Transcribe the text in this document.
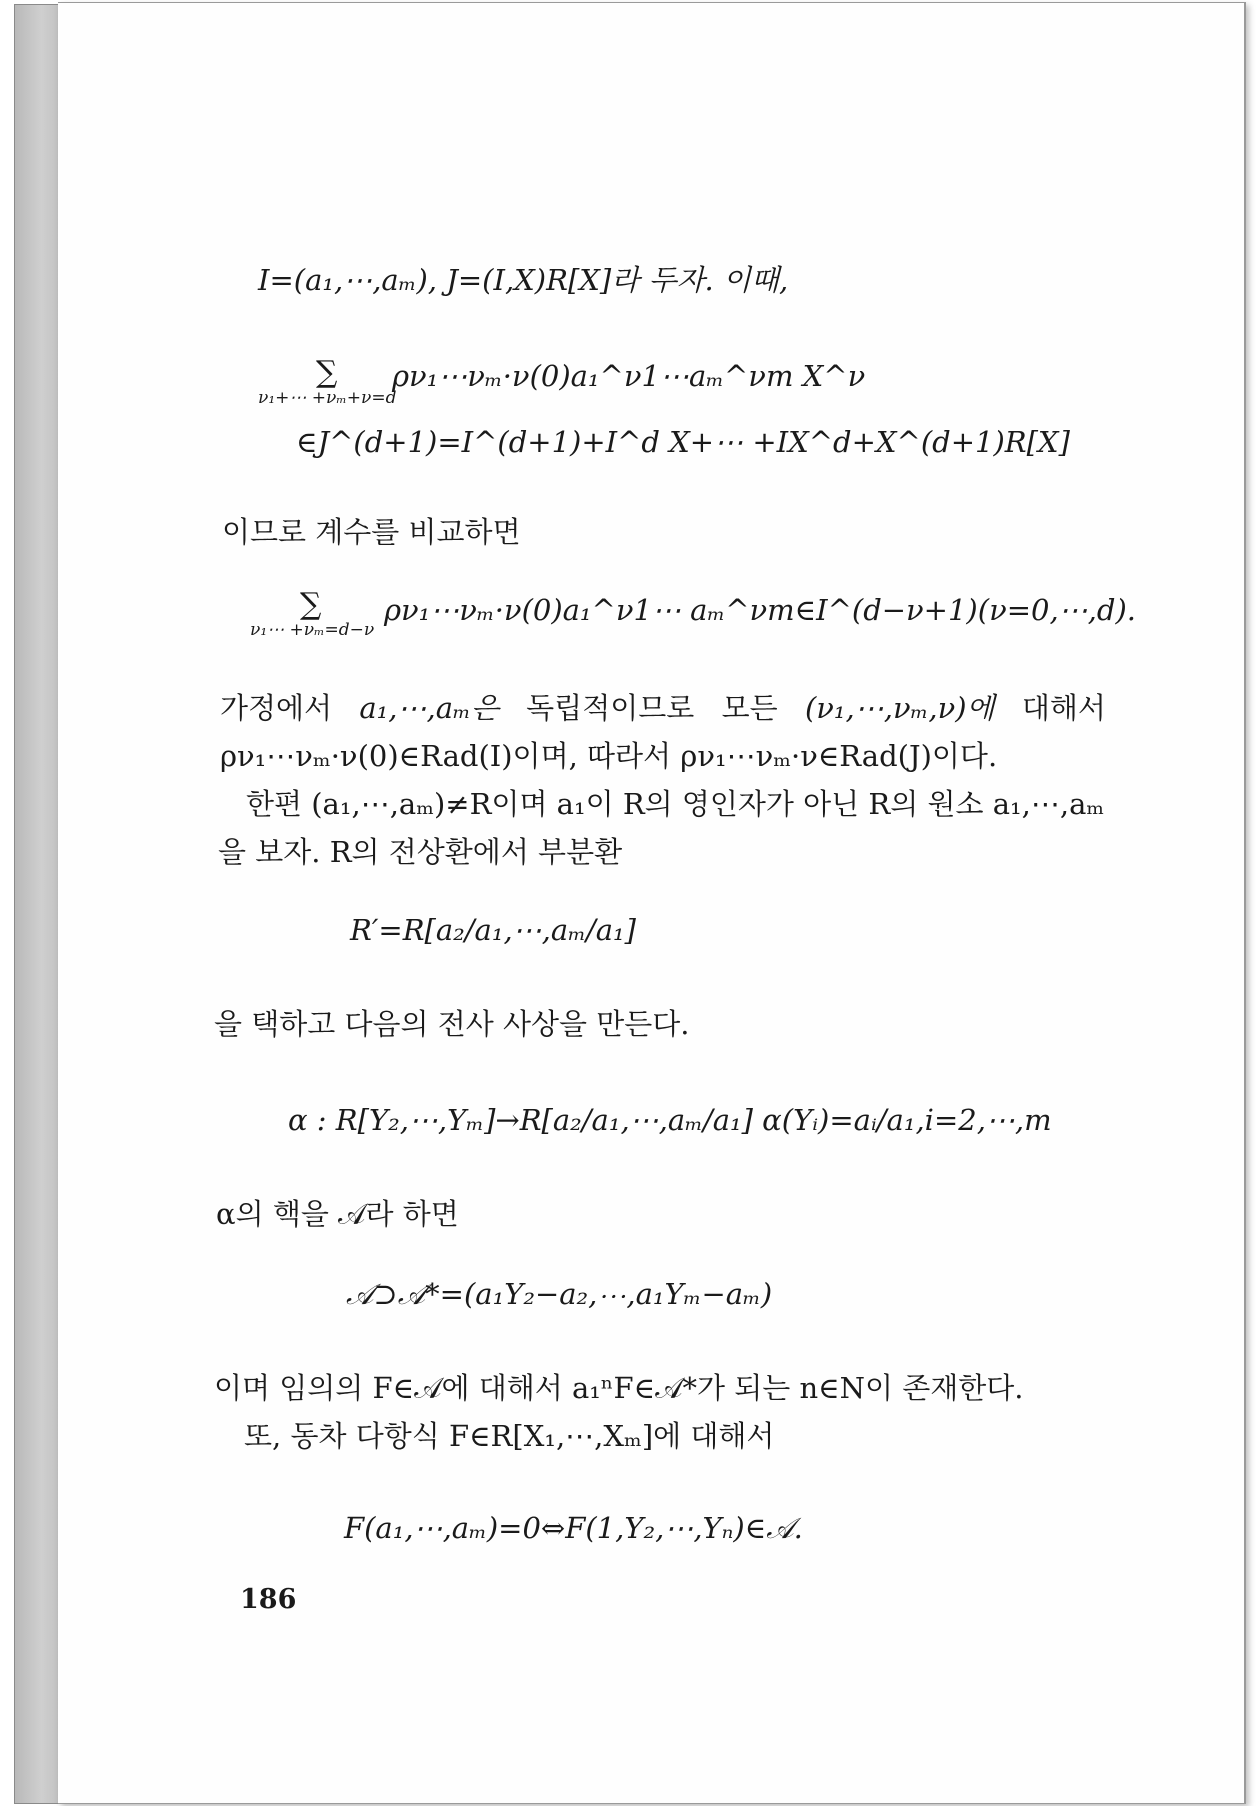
I=(a₁,⋯,aₘ), J=(I,X)R[X]라 두자. 이때,
∑ ρν₁⋯νₘ·ν(0)a₁^ν1⋯aₘ^νm X^ν
ν₁+⋯ +νₘ+ν=d
∈J^(d+1)=I^(d+1)+I^d X+⋯ +IX^d+X^(d+1)R[X]
이므로 계수를 비교하면
∑ ρν₁⋯νₘ·ν(0)a₁^ν1⋯ aₘ^νm∈I^(d−ν+1)(ν=0,⋯,d).
ν₁⋯ +νₘ=d−ν
가정에서 a₁,⋯,aₘ은 독립적이므로 모든 (ν₁,⋯,νₘ,ν)에 대해서
ρν₁⋯νₘ·ν(0)∈Rad(I)이며, 따라서 ρν₁⋯νₘ·ν∈Rad(J)이다.
한편 (a₁,⋯,aₘ)≠R이며 a₁이 R의 영인자가 아닌 R의 원소 a₁,⋯,aₘ
을 보자. R의 전상환에서 부분환
R′=R[a₂/a₁,⋯,aₘ/a₁]
을 택하고 다음의 전사 사상을 만든다.
α : R[Y₂,⋯,Yₘ]→R[a₂/a₁,⋯,aₘ/a₁] α(Yᵢ)=aᵢ/a₁,i=2,⋯,m
α의 핵을 𝒜라 하면
𝒜⊃𝒜*=(a₁Y₂−a₂,⋯,a₁Yₘ−aₘ)
이며 임의의 F∈𝒜에 대해서 a₁ⁿF∈𝒜*가 되는 n∈N이 존재한다.
또, 동차 다항식 F∈R[X₁,⋯,Xₘ]에 대해서
F(a₁,⋯,aₘ)=0⇔F(1,Y₂,⋯,Yₙ)∈𝒜.
186
